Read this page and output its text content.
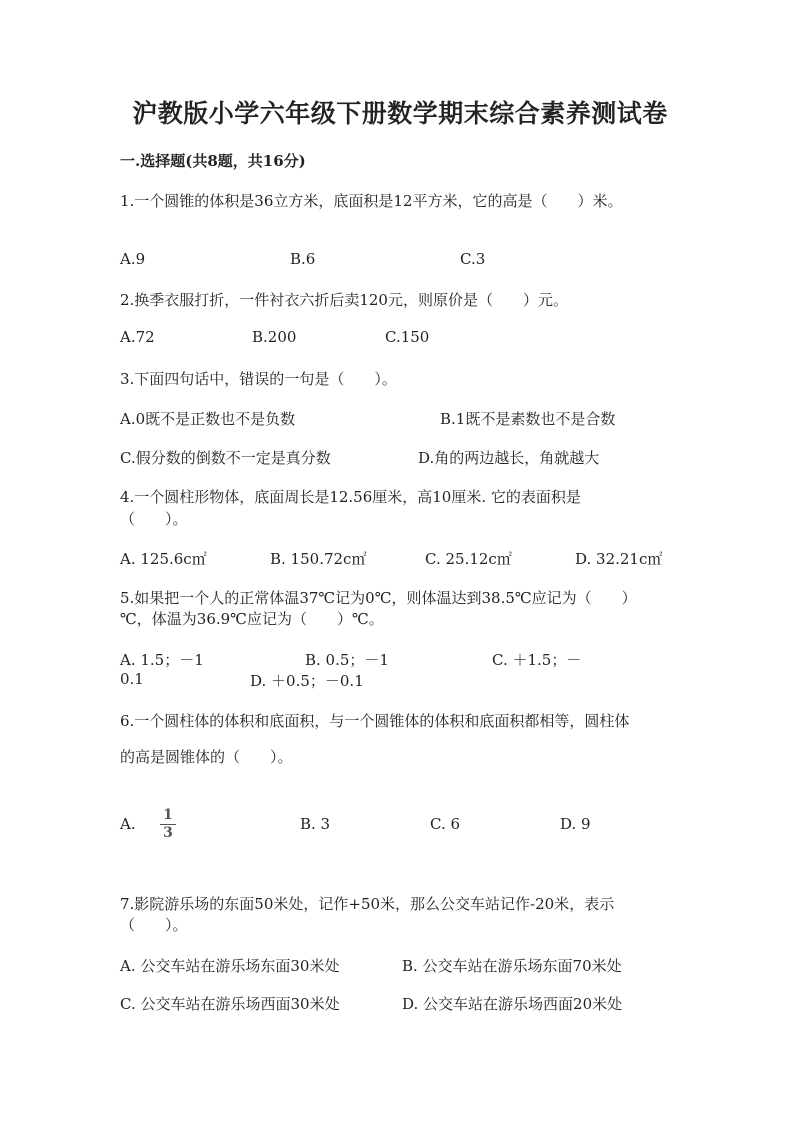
沪教版小学六年级下册数学期末综合素养测试卷
一.选择题(共8题，共16分)
1.一个圆锥的体积是36立方米，底面积是12平方米，它的高是（　　）米。
A.9	B.6	C.3
2.换季衣服打折，一件衬衣六折后卖120元，则原价是（　　）元。
A.72	B.200	C.150
3.下面四句话中，错误的一句是（　　）。
A.0既不是正数也不是负数	B.1既不是素数也不是合数
C.假分数的倒数不一定是真分数	D.角的两边越长，角就越大
4.一个圆柱形物体，底面周长是12.56厘米，高10厘米. 它的表面积是
（　　）。
A. 125.6c㎡	B. 150.72c㎡	C. 25.12c㎡	D. 32.21c㎡
5.如果把一个人的正常体温37℃记为0℃，则体温达到38.5℃应记为（　　）
℃，体温为36.9℃应记为（　　）℃。
A. 1.5；－1	B. 0.5；－1	C. ＋1.5；－
0.1	D. ＋0.5；－0.1
6.一个圆柱体的体积和底面积，与一个圆锥体的体积和底面积都相等，圆柱体
的高是圆锥体的（　　）。
A. 1
3	B. 3	C. 6	D. 9
7.影院游乐场的东面50米处，记作+50米，那么公交车站记作-20米，表示
（　　）。
A. 公交车站在游乐场东面30米处	B. 公交车站在游乐场东面70米处
C. 公交车站在游乐场西面30米处	D. 公交车站在游乐场西面20米处
